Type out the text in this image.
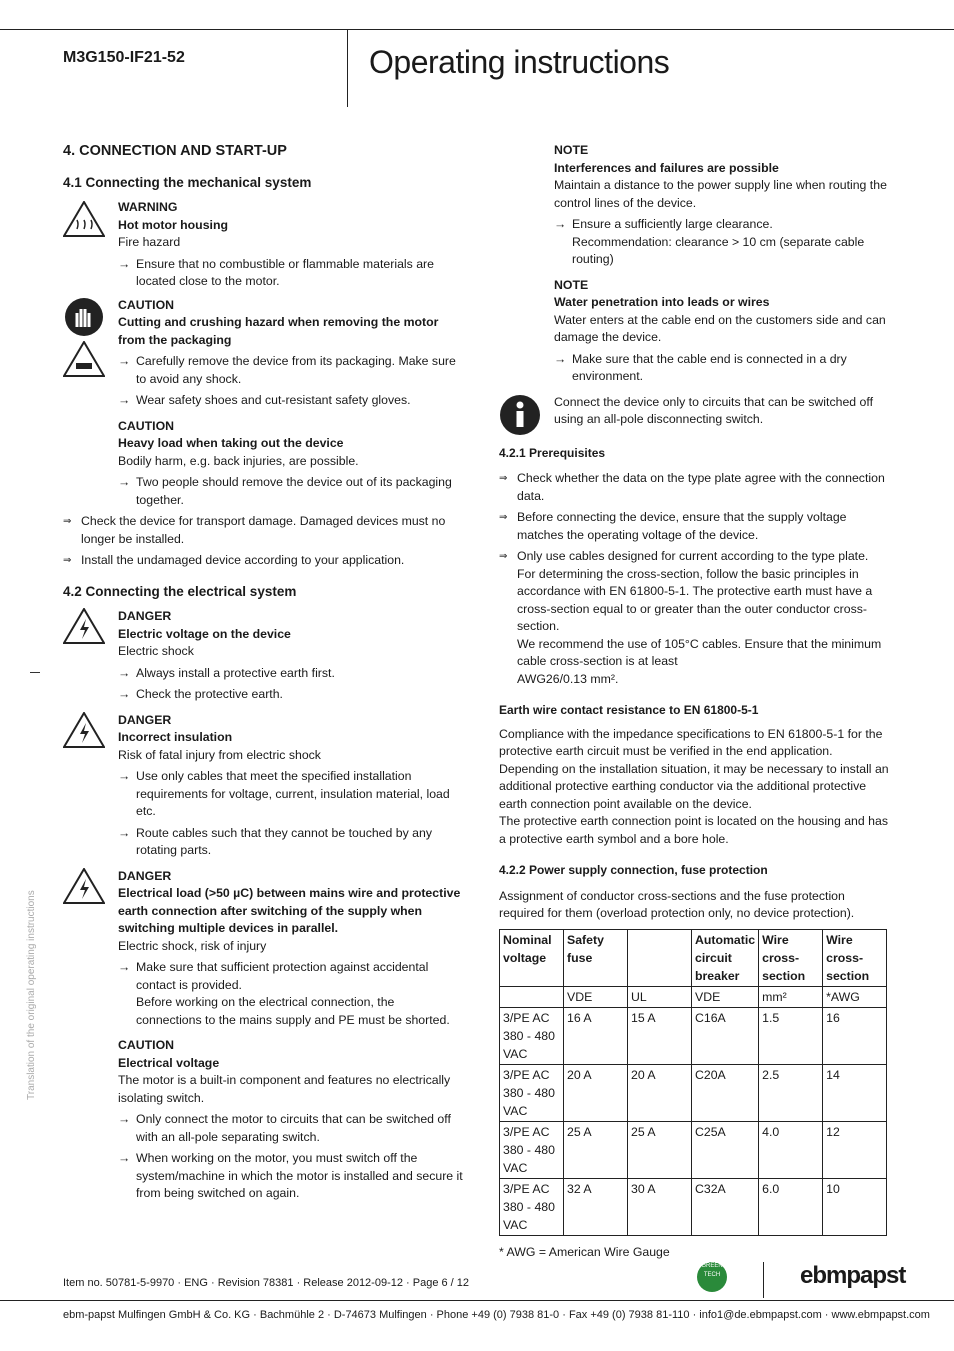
M3G150-IF21-52	Operating instructions
Translation of the original operating instructions
4. CONNECTION AND START-UP
4.1 Connecting the mechanical system
WARNING
Hot motor housing
Fire hazard
→ Ensure that no combustible or flammable materials are located close to the motor.
CAUTION
Cutting and crushing hazard when removing the motor from the packaging
→ Carefully remove the device from its packaging. Make sure to avoid any shock.
→ Wear safety shoes and cut-resistant safety gloves.
CAUTION
Heavy load when taking out the device
Bodily harm, e.g. back injuries, are possible.
→ Two people should remove the device out of its packaging together.
⇒ Check the device for transport damage. Damaged devices must no longer be installed.
⇒ Install the undamaged device according to your application.
4.2 Connecting the electrical system
DANGER
Electric voltage on the device
Electric shock
→ Always install a protective earth first.
→ Check the protective earth.
DANGER
Incorrect insulation
Risk of fatal injury from electric shock
→ Use only cables that meet the specified installation requirements for voltage, current, insulation material, load etc.
→ Route cables such that they cannot be touched by any rotating parts.
DANGER
Electrical load (>50 µC) between mains wire and protective earth connection after switching of the supply when switching multiple devices in parallel.
Electric shock, risk of injury
→ Make sure that sufficient protection against accidental contact is provided.
Before working on the electrical connection, the connections to the mains supply and PE must be shorted.
CAUTION
Electrical voltage
The motor is a built-in component and features no electrically isolating switch.
→ Only connect the motor to circuits that can be switched off with an all-pole separating switch.
→ When working on the motor, you must switch off the system/machine in which the motor is installed and secure it from being switched on again.
NOTE
Interferences and failures are possible
Maintain a distance to the power supply line when routing the control lines of the device.
→ Ensure a sufficiently large clearance.
Recommendation: clearance > 10 cm (separate cable routing)
NOTE
Water penetration into leads or wires
Water enters at the cable end on the customers side and can damage the device.
→ Make sure that the cable end is connected in a dry environment.
Connect the device only to circuits that can be switched off using an all-pole disconnecting switch.
4.2.1 Prerequisites
⇒ Check whether the data on the type plate agree with the connection data.
⇒ Before connecting the device, ensure that the supply voltage matches the operating voltage of the device.
⇒ Only use cables designed for current according to the type plate.
For determining the cross-section, follow the basic principles in accordance with EN 61800-5-1. The protective earth must have a cross-section equal to or greater than the outer conductor cross-section.
We recommend the use of 105°C cables. Ensure that the minimum cable cross-section is at least
AWG26/0.13 mm².
Earth wire contact resistance to EN 61800-5-1
Compliance with the impedance specifications to EN 61800-5-1 for the protective earth circuit must be verified in the end application.
Depending on the installation situation, it may be necessary to install an additional protective earthing conductor via the additional protective earth connection point available on the device.
The protective earth connection point is located on the housing and has a protective earth symbol and a bore hole.
4.2.2 Power supply connection, fuse protection
Assignment of conductor cross-sections and the fuse protection required for them (overload protection only, no device protection).
Nominal voltage	Safety fuse		Automatic circuit breaker	Wire cross-section	Wire cross-section
	VDE	UL	VDE	mm²	*AWG
3/PE AC 380 - 480 VAC	16 A	15 A	C16A	1.5	16
3/PE AC 380 - 480 VAC	20 A	20 A	C20A	2.5	14
3/PE AC 380 - 480 VAC	25 A	25 A	C25A	4.0	12
3/PE AC 380 - 480 VAC	32 A	30 A	C32A	6.0	10
* AWG = American Wire Gauge
Item no. 50781-5-9970 · ENG · Revision 78381 · Release 2012-09-12 · Page 6 / 12
GREEN TECH	ebmpapst
ebm-papst Mulfingen GmbH & Co. KG · Bachmühle 2 · D-74673 Mulfingen · Phone +49 (0) 7938 81-0 · Fax +49 (0) 7938 81-110 · info1@de.ebmpapst.com · www.ebmpapst.com
